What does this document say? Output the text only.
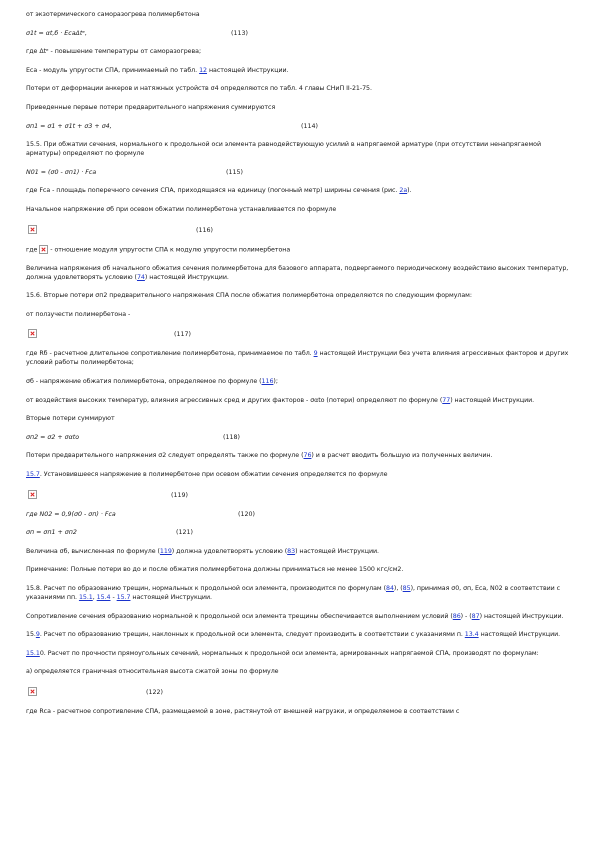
от экзотермического саморазогрева полимербетона
σ1t = αt,б · EcaΔtᵉ,	(113)
где Δtᵉ - повышение температуры от саморазогрева;
Eca - модуль упругости СПА, принимаемый по табл. 12 настоящей Инструкции.
Потери от деформации анкеров и натяжных устройств σ4 определяются по табл. 4 главы СНиП II-21-75.
Приведенные первые потери предварительного напряжения суммируются
σп1 = σ1 + σ1t + σ3 + σ4,	(114)
15.5. При обжатии сечения, нормального к продольной оси элемента равнодействующую усилий в напрягаемой арматуре (при отсутствии ненапрягаемой арматуры) определяют по формуле
N01 = (σ0 - σп1) · Fca	(115)
где Fca - площадь поперечного сечения СПА, приходящаяся на единицу (погонный метр) ширины сечения (рис. 2а).
Начальное напряжение σб при осевом обжатии полимербетона устанавливается по формуле
(116)
где  - отношение модуля упругости СПА к модулю упругости полимербетона
Величина напряжения σб начального обжатия сечения полимербетона для базового аппарата, подвергаемого периодическому воздействию высоких температур, должна удовлетворять условию (74) настоящей Инструкции.
15.6. Вторые потери σп2 предварительного напряжения СПА после обжатия полимербетона определяются по следующим формулам:
от ползучести полимербетона -
(117)
где Rб - расчетное длительное сопротивление полимербетона, принимаемое по табл. 9 настоящей Инструкции без учета влияния агрессивных факторов и других условий работы полимербетона;
σб - напряжение обжатия полимербетона, определяемое по формуле (116);
от воздействия высоких температур, влияния агрессивных сред и других факторов - σαto (потери) определяют по формуле (77) настоящей Инструкции.
Вторые потери суммируют
σп2 = σ2 + σαto	(118)
Потери предварительного напряжения σ2 следует определять также по формуле (76) и в расчет вводить большую из полученных величин.
15.7. Установившееся напряжение в полимербетоне при осевом обжатии сечения определяется по формуле
(119)
где N02 = 0,9(σ0 - σп) · Fca	(120)
σп = σп1 + σп2	(121)
Величина σб, вычисленная по формуле (119) должна удовлетворять условию (83) настоящей Инструкции.
Примечание: Полные потери во до и после обжатия полимербетона должны приниматься не менее 1500 кгс/см2.
15.8. Расчет по образованию трещин, нормальных к продольной оси элемента, производится по формулам (84), (85), принимая σ0, σп, Eca, N02 в соответствии с указаниями пп. 15.1, 15.4 - 15.7 настоящей Инструкции.
Сопротивление сечения образованию нормальной к продольной оси элемента трещины обеспечивается выполнением условий (86) - (87) настоящей Инструкции.
15.9. Расчет по образованию трещин, наклонных к продольной оси элемента, следует производить в соответствии с указаниями п. 13.4 настоящей Инструкции.
15.10. Расчет по прочности прямоугольных сечений, нормальных к продольной оси элемента, армированных напрягаемой СПА, производят по формулам:
а) определяется граничная относительная высота сжатой зоны по формуле
(122)
где Rca - расчетное сопротивление СПА, размещаемой в зоне, растянутой от внешней нагрузки, и определяемое в соответствии с
